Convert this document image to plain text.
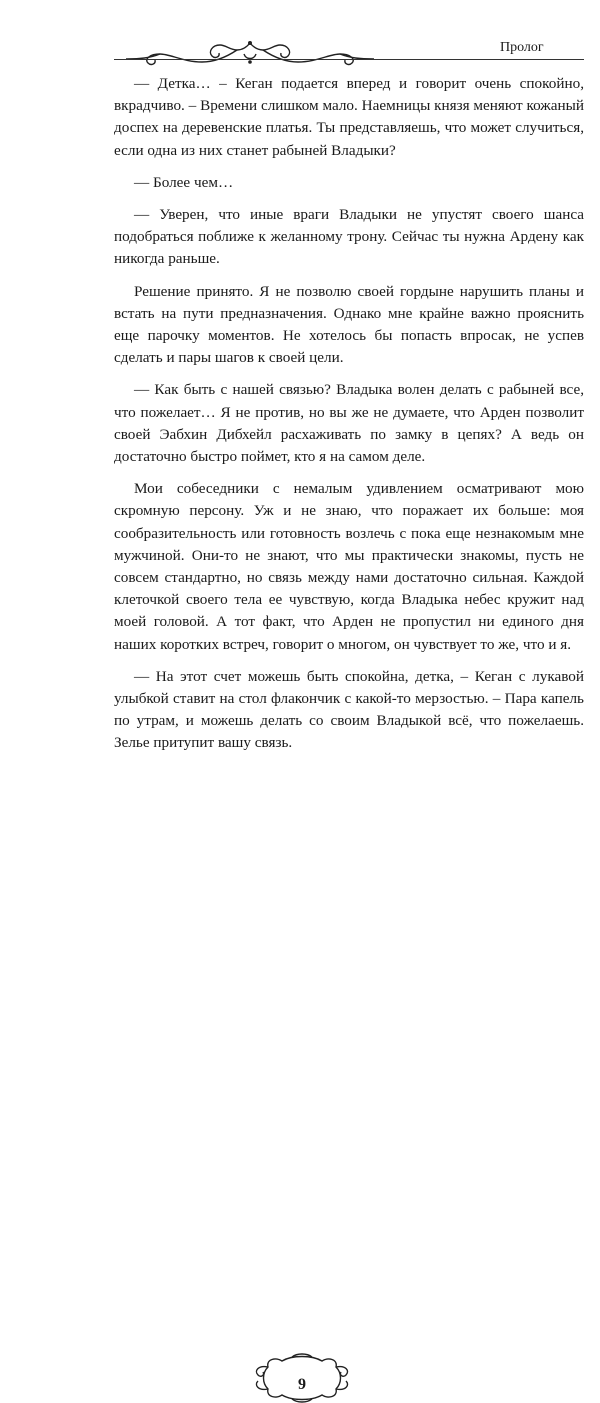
Пролог

— Детка… – Кеган подается вперед и говорит очень спокойно, вкрадчиво. – Времени слишком мало. Наемницы князя меняют кожаный доспех на деревенские платья. Ты представляешь, что может случиться, если одна из них станет рабыней Владыки?

— Более чем…

— Уверен, что иные враги Владыки не упустят своего шанса подобраться поближе к желанному трону. Сейчас ты нужна Ардену как никогда раньше.

Решение принято. Я не позволю своей гордыне нарушить планы и встать на пути предназначения. Однако мне крайне важно прояснить еще парочку моментов. Не хотелось бы попасть впросак, не успев сделать и пары шагов к своей цели.

— Как быть с нашей связью? Владыка волен делать с рабыней все, что пожелает… Я не против, но вы же не думаете, что Арден позволит своей Эабхин Дибхейл расхаживать по замку в цепях? А ведь он достаточно быстро поймет, кто я на самом деле.

Мои собеседники с немалым удивлением осматривают мою скромную персону. Уж и не знаю, что поражает их больше: моя сообразительность или готовность возлечь с пока еще незнакомым мне мужчиной. Они-то не знают, что мы практически знакомы, пусть не совсем стандартно, но связь между нами достаточно сильная. Каждой клеточкой своего тела ее чувствую, когда Владыка небес кружит над моей головой. А тот факт, что Арден не пропустил ни единого дня наших коротких встреч, говорит о многом, он чувствует то же, что и я.

— На этот счет можешь быть спокойна, детка, – Кеган с лукавой улыбкой ставит на стол флакончик с какой-то мерзостью. – Пара капель по утрам, и можешь делать со своим Владыкой всё, что пожелаешь. Зелье притупит вашу связь.

9
